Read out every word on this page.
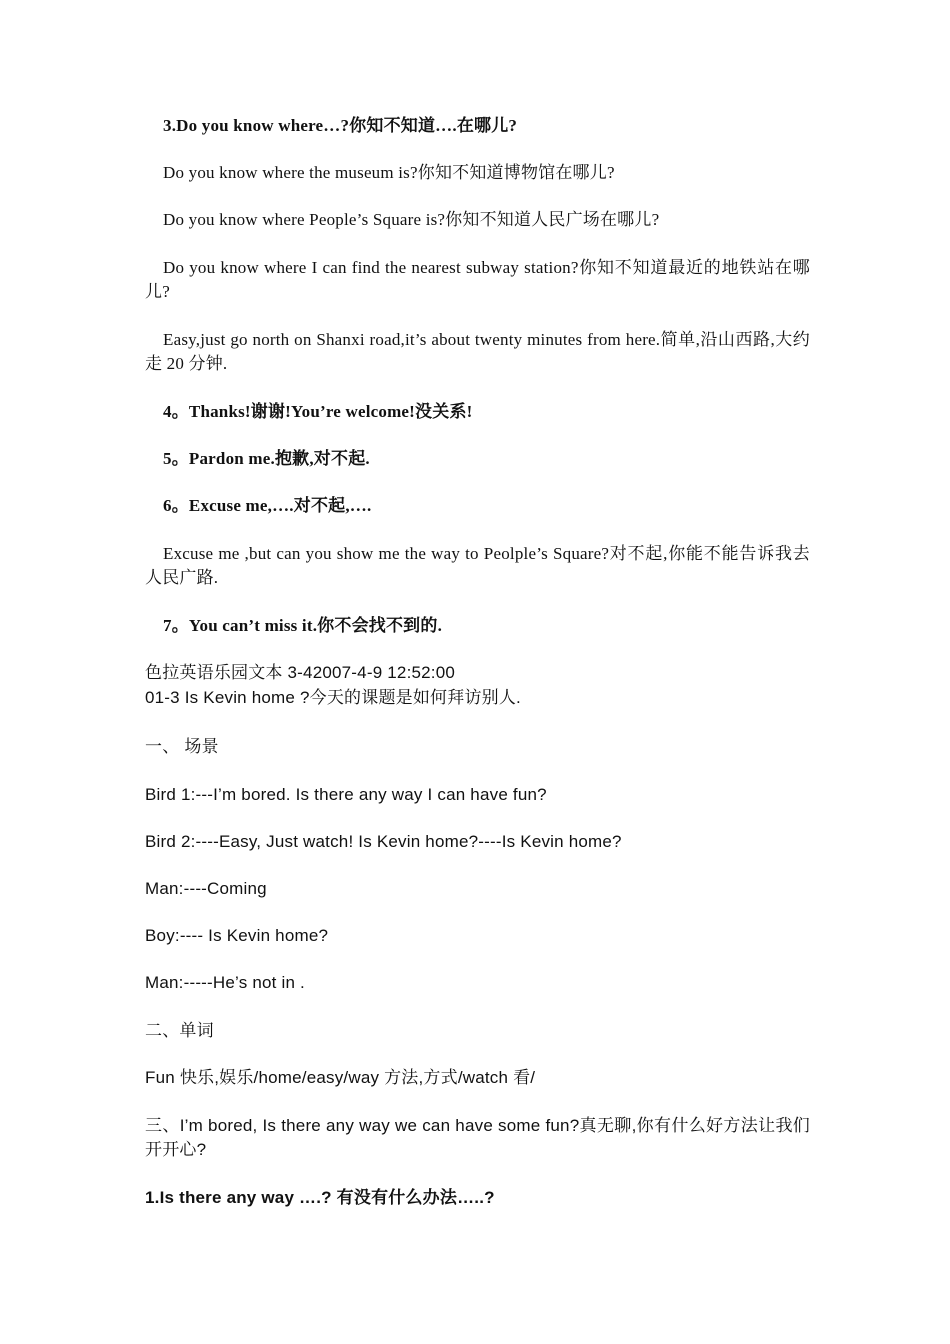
3.Do you know where…?你知不知道….在哪儿?
Do you know where the museum is?你知不知道博物馆在哪儿?
Do you know where People’s Square is?你知不知道人民广场在哪儿?
Do you know where I can find the nearest subway station?你知不知道最近的地铁站在哪儿?
Easy,just go north on Shanxi road,it’s about twenty minutes from here.简单,沿山西路,大约走 20 分钟.
4。Thanks!谢谢!You’re welcome!没关系!
5。Pardon me.抱歉,对不起.
6。Excuse me,….对不起,….
Excuse me ,but can you show me the way to Peolple’s Square?对不起,你能不能告诉我去人民广路.
7。You can’t miss it.你不会找不到的.
色拉英语乐园文本 3-42007-4-9 12:52:00
01-3 Is Kevin home ?今天的课题是如何拜访别人.
一、 场景
Bird 1:---I’m bored. Is there any way I can have fun?
Bird 2:----Easy, Just watch! Is Kevin home?----Is Kevin home?
Man:----Coming
Boy:---- Is Kevin home?
Man:-----He’s not in .
二、单词
Fun 快乐,娱乐/home/easy/way 方法,方式/watch 看/
三、I’m bored, Is there any way we can have some fun?真无聊,你有什么好方法让我们开开心?
1.Is there any way ….? 有没有什么办法…..?
